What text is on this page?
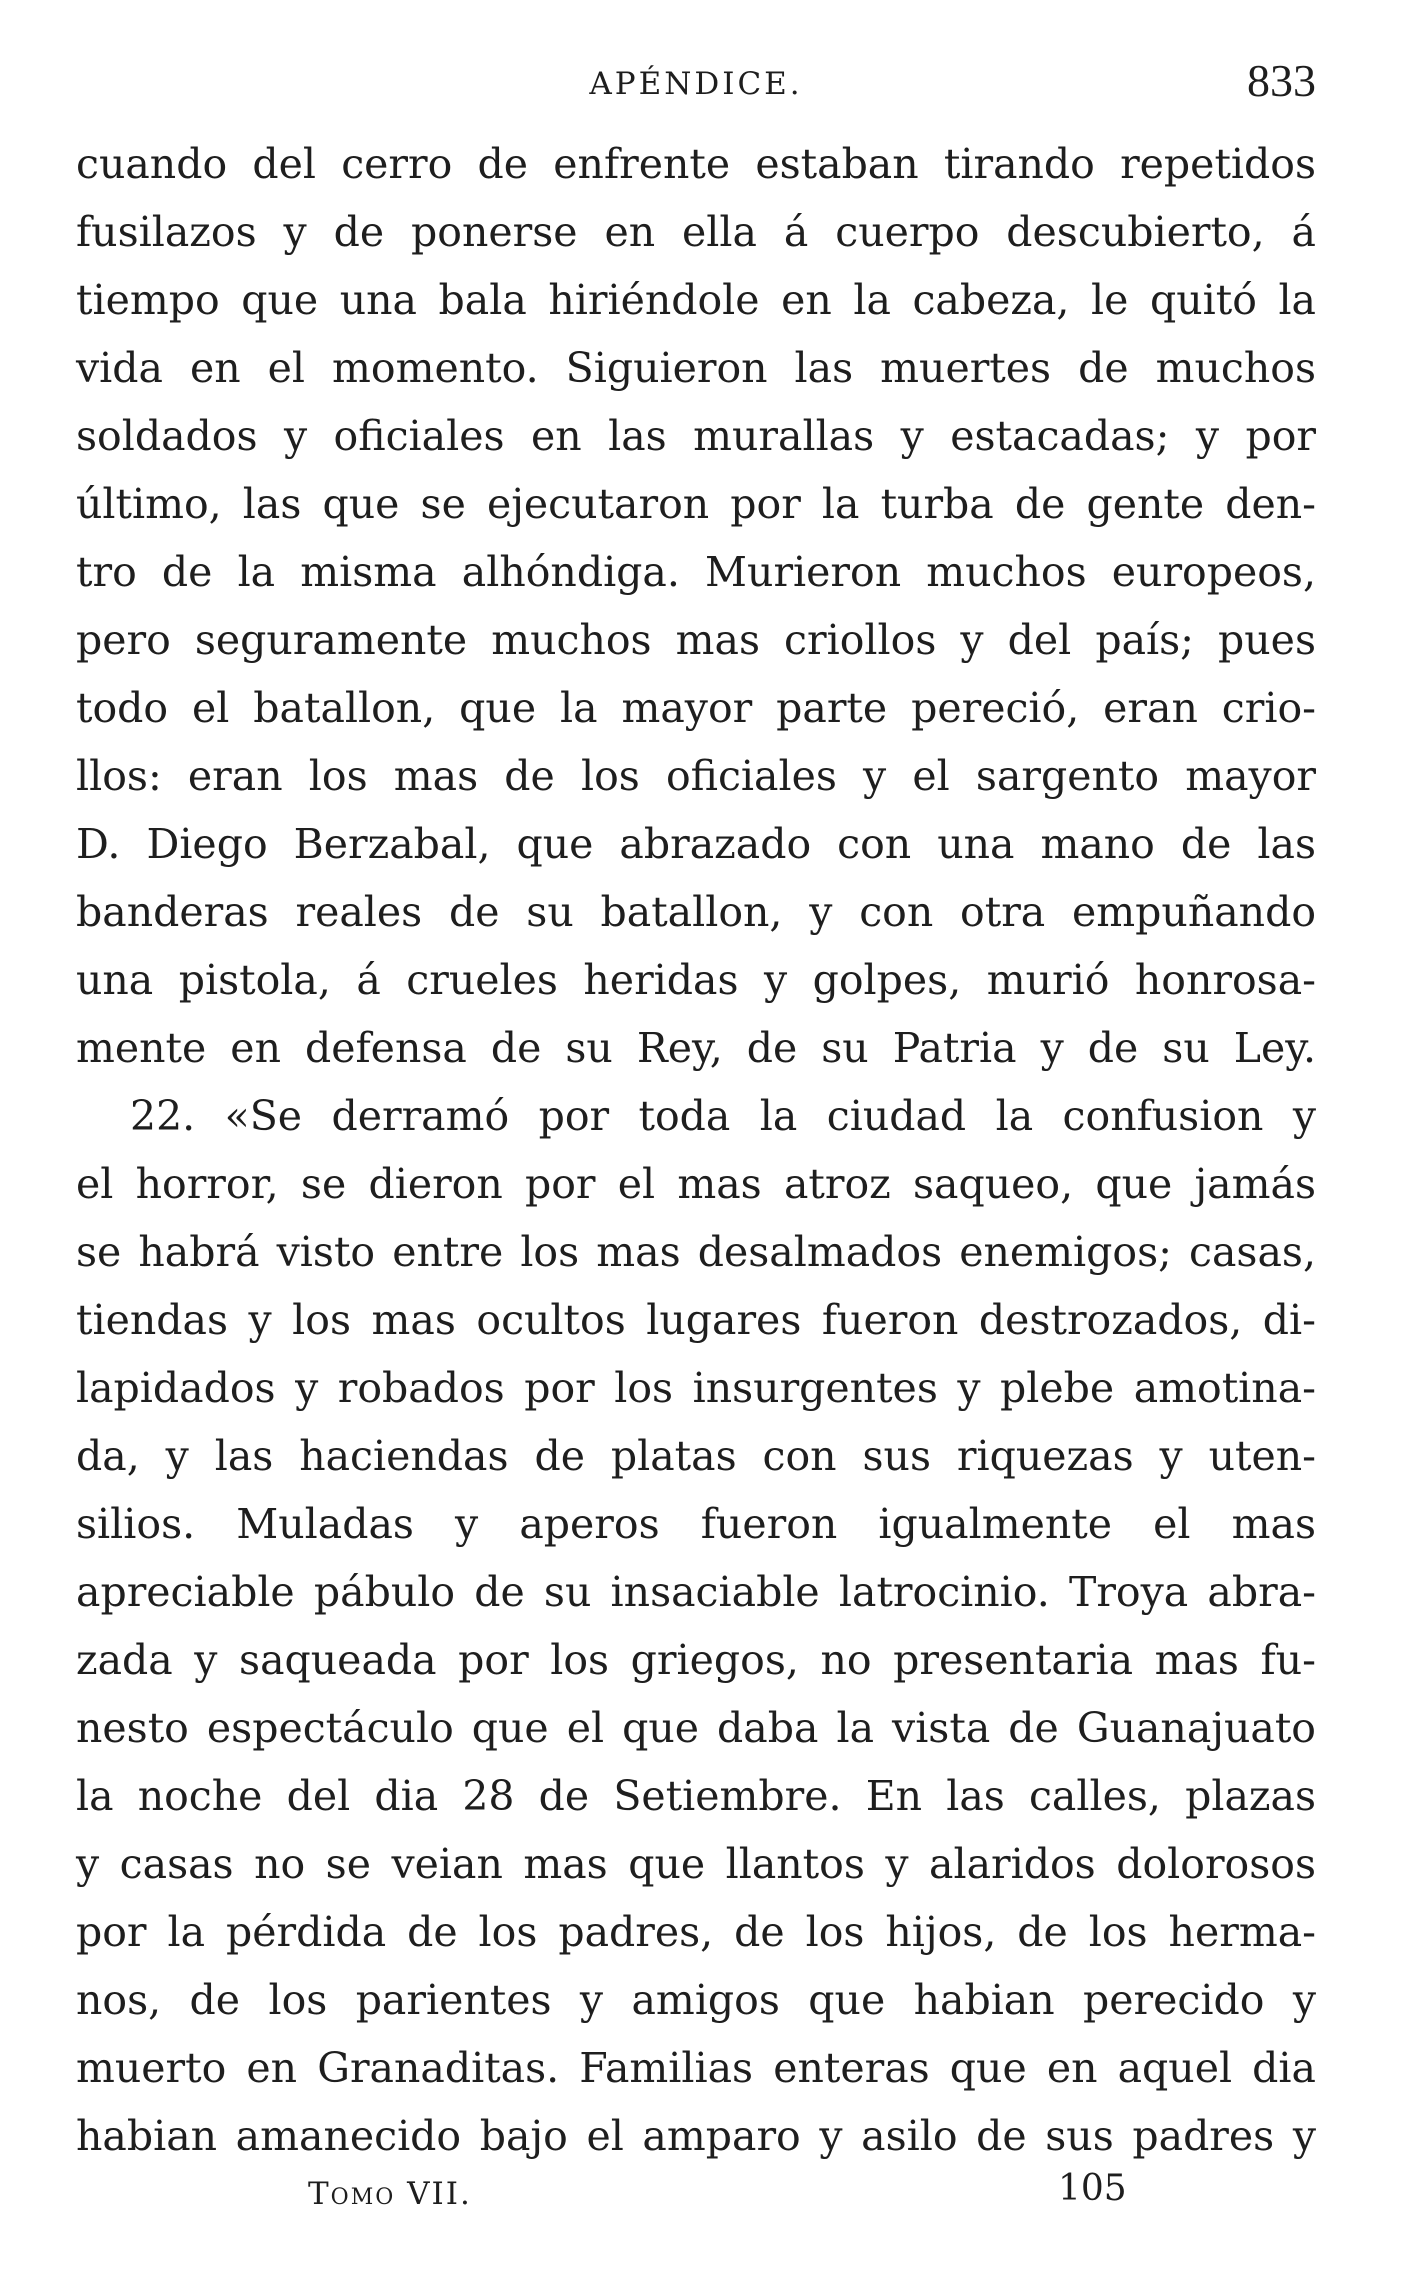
APÉNDICE.	833
cuando del cerro de enfrente estaban tirando repetidos
fusilazos y de ponerse en ella á cuerpo descubierto, á
tiempo que una bala hiriéndole en la cabeza, le quitó la
vida en el momento. Siguieron las muertes de muchos
soldados y oficiales en las murallas y estacadas; y por
último, las que se ejecutaron por la turba de gente den-
tro de la misma alhóndiga. Murieron muchos europeos,
pero seguramente muchos mas criollos y del país; pues
todo el batallon, que la mayor parte pereció, eran crio-
llos: eran los mas de los oficiales y el sargento mayor
D. Diego Berzabal, que abrazado con una mano de las
banderas reales de su batallon, y con otra empuñando
una pistola, á crueles heridas y golpes, murió honrosa-
mente en defensa de su Rey, de su Patria y de su Ley.
22. «Se derramó por toda la ciudad la confusion y
el horror, se dieron por el mas atroz saqueo, que jamás
se habrá visto entre los mas desalmados enemigos; casas,
tiendas y los mas ocultos lugares fueron destrozados, di-
lapidados y robados por los insurgentes y plebe amotina-
da, y las haciendas de platas con sus riquezas y uten-
silios. Muladas y aperos fueron igualmente el mas
apreciable pábulo de su insaciable latrocinio. Troya abra-
zada y saqueada por los griegos, no presentaria mas fu-
nesto espectáculo que el que daba la vista de Guanajuato
la noche del dia 28 de Setiembre. En las calles, plazas
y casas no se veian mas que llantos y alaridos dolorosos
por la pérdida de los padres, de los hijos, de los herma-
nos, de los parientes y amigos que habian perecido y
muerto en Granaditas. Familias enteras que en aquel dia
habian amanecido bajo el amparo y asilo de sus padres y
Tomo VII.	105
